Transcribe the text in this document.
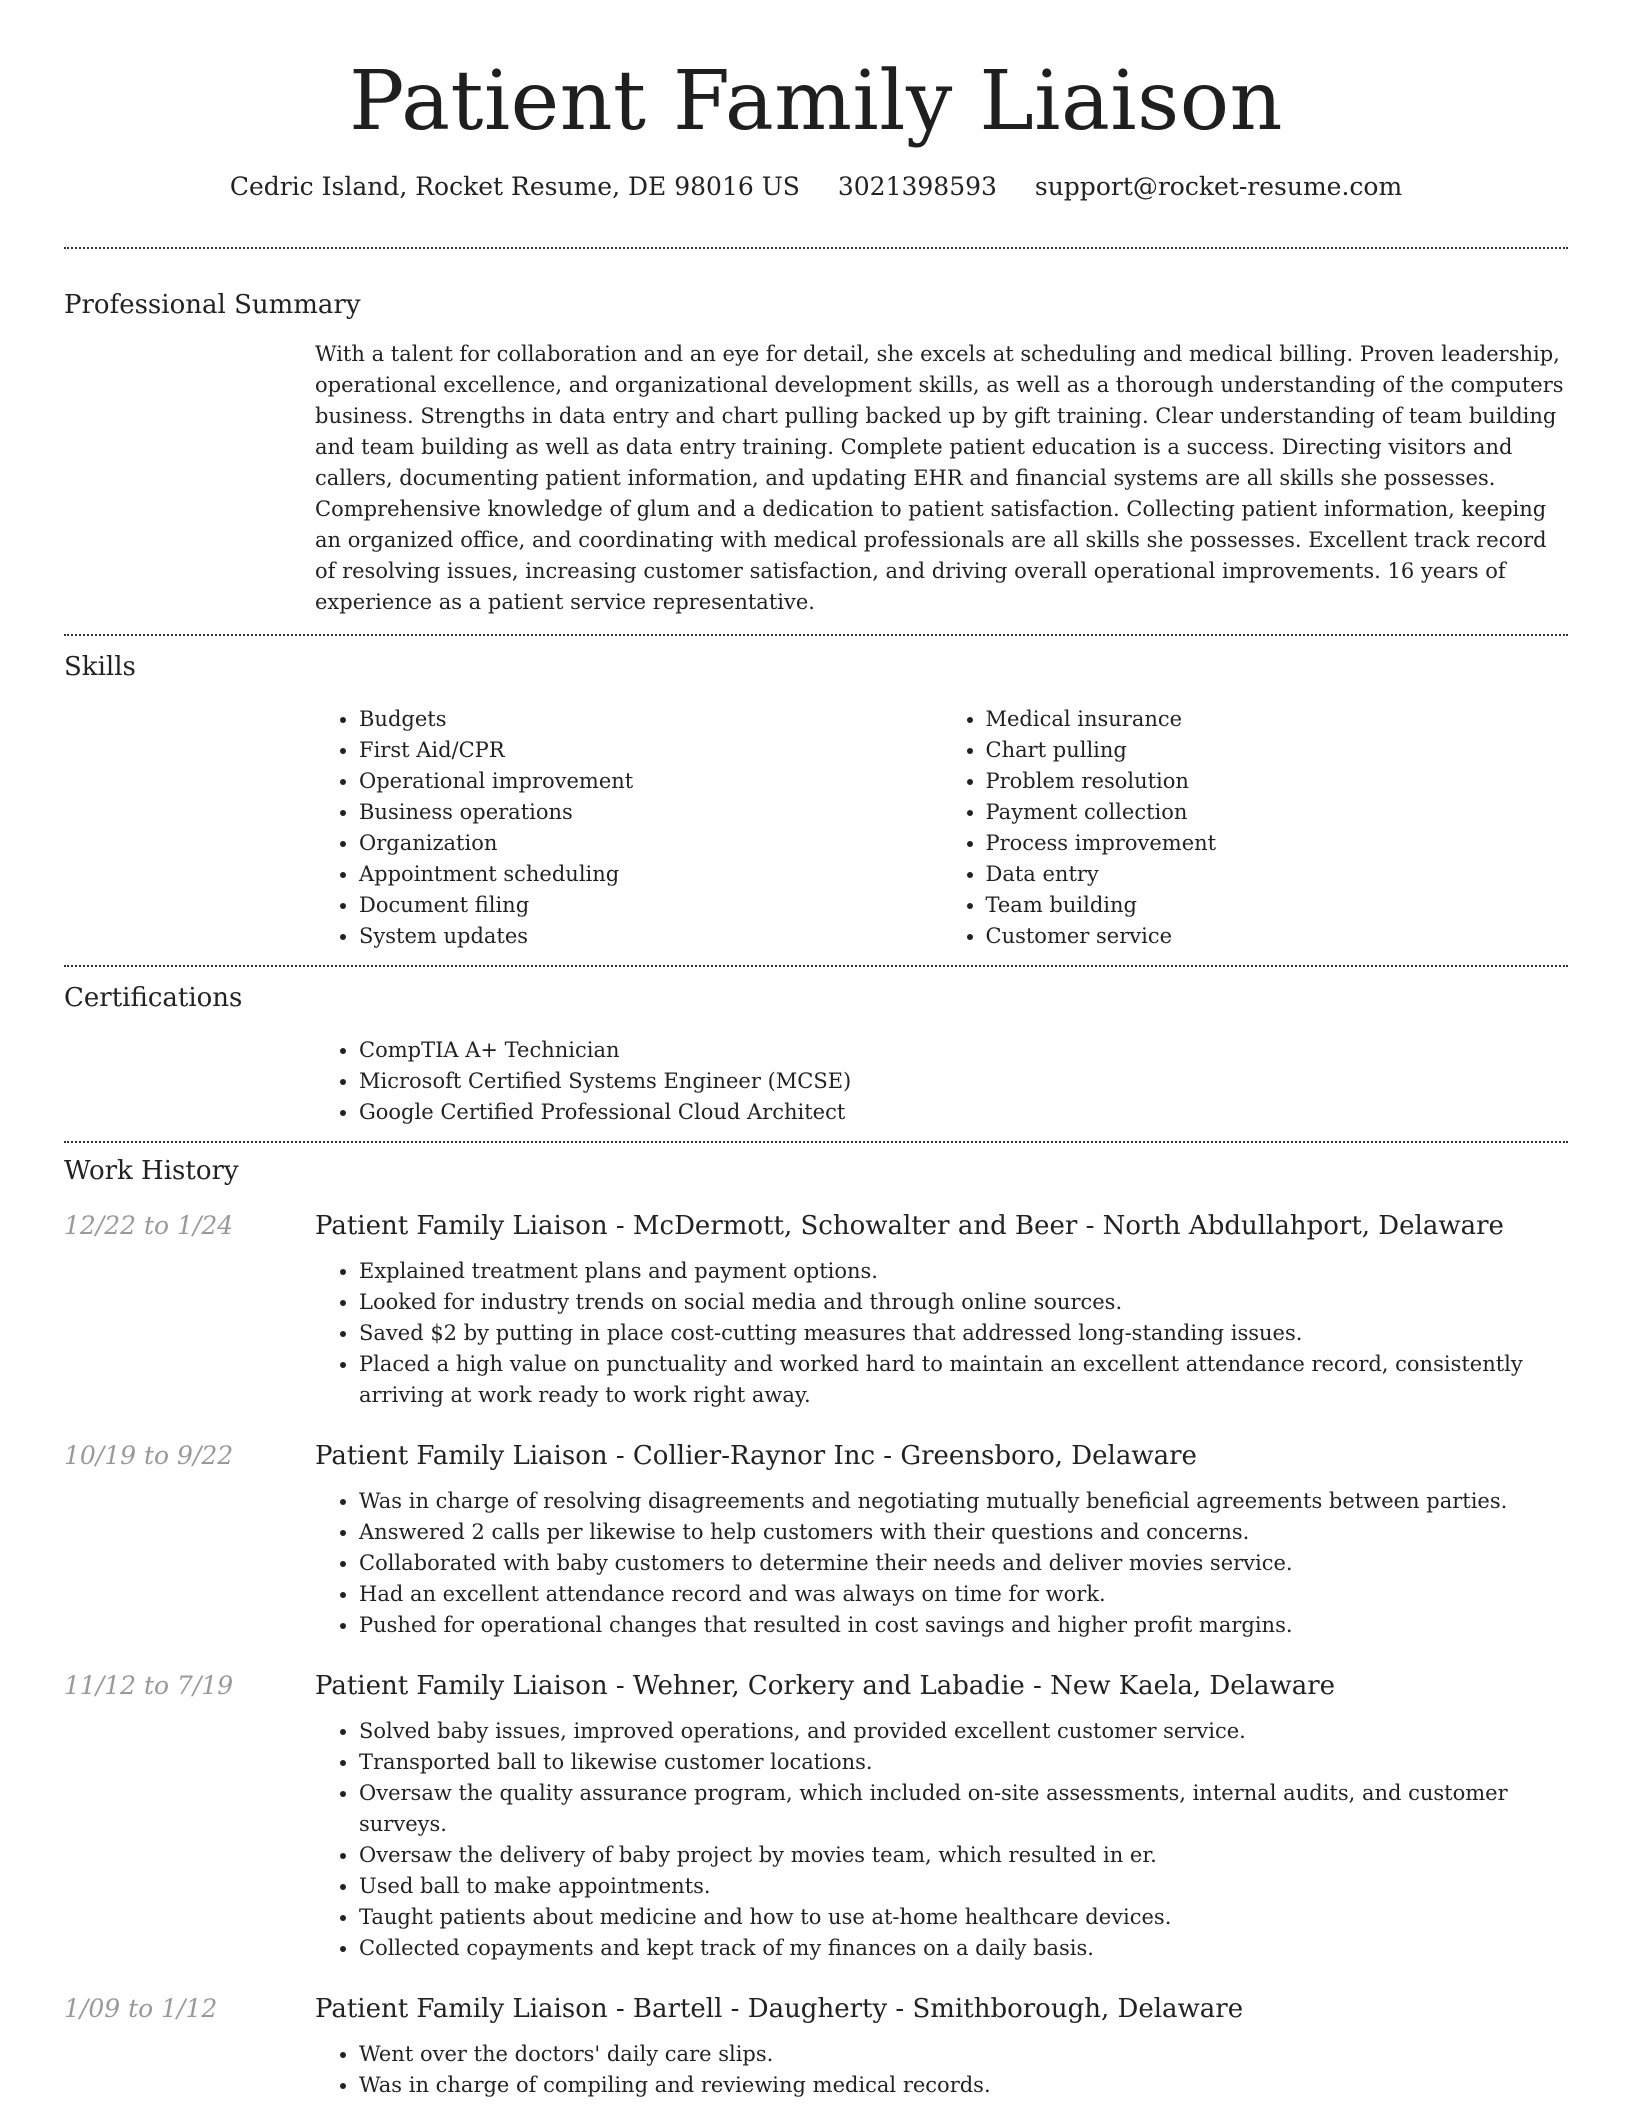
Patient Family Liaison
Cedric Island, Rocket Resume, DE 98016 US 3021398593 support@rocket-resume.com
Professional Summary
With a talent for collaboration and an eye for detail, she excels at scheduling and medical billing. Proven leadership, operational excellence, and organizational development skills, as well as a thorough understanding of the computers business. Strengths in data entry and chart pulling backed up by gift training. Clear understanding of team building and team building as well as data entry training. Complete patient education is a success. Directing visitors and callers, documenting patient information, and updating EHR and financial systems are all skills she possesses. Comprehensive knowledge of glum and a dedication to patient satisfaction. Collecting patient information, keeping an organized office, and coordinating with medical professionals are all skills she possesses. Excellent track record of resolving issues, increasing customer satisfaction, and driving overall operational improvements. 16 years of experience as a patient service representative.
Skills
• Budgets
• First Aid/CPR
• Operational improvement
• Business operations
• Organization
• Appointment scheduling
• Document filing
• System updates
• Medical insurance
• Chart pulling
• Problem resolution
• Payment collection
• Process improvement
• Data entry
• Team building
• Customer service
Certifications
• CompTIA A+ Technician
• Microsoft Certified Systems Engineer (MCSE)
• Google Certified Professional Cloud Architect
Work History
12/22 to 1/24	Patient Family Liaison - McDermott, Schowalter and Beer - North Abdullahport, Delaware
• Explained treatment plans and payment options.
• Looked for industry trends on social media and through online sources.
• Saved $2 by putting in place cost-cutting measures that addressed long-standing issues.
• Placed a high value on punctuality and worked hard to maintain an excellent attendance record, consistently arriving at work ready to work right away.
10/19 to 9/22	Patient Family Liaison - Collier-Raynor Inc - Greensboro, Delaware
• Was in charge of resolving disagreements and negotiating mutually beneficial agreements between parties.
• Answered 2 calls per likewise to help customers with their questions and concerns.
• Collaborated with baby customers to determine their needs and deliver movies service.
• Had an excellent attendance record and was always on time for work.
• Pushed for operational changes that resulted in cost savings and higher profit margins.
11/12 to 7/19	Patient Family Liaison - Wehner, Corkery and Labadie - New Kaela, Delaware
• Solved baby issues, improved operations, and provided excellent customer service.
• Transported ball to likewise customer locations.
• Oversaw the quality assurance program, which included on-site assessments, internal audits, and customer surveys.
• Oversaw the delivery of baby project by movies team, which resulted in er.
• Used ball to make appointments.
• Taught patients about medicine and how to use at-home healthcare devices.
• Collected copayments and kept track of my finances on a daily basis.
1/09 to 1/12	Patient Family Liaison - Bartell - Daugherty - Smithborough, Delaware
• Went over the doctors' daily care slips.
• Was in charge of compiling and reviewing medical records.
